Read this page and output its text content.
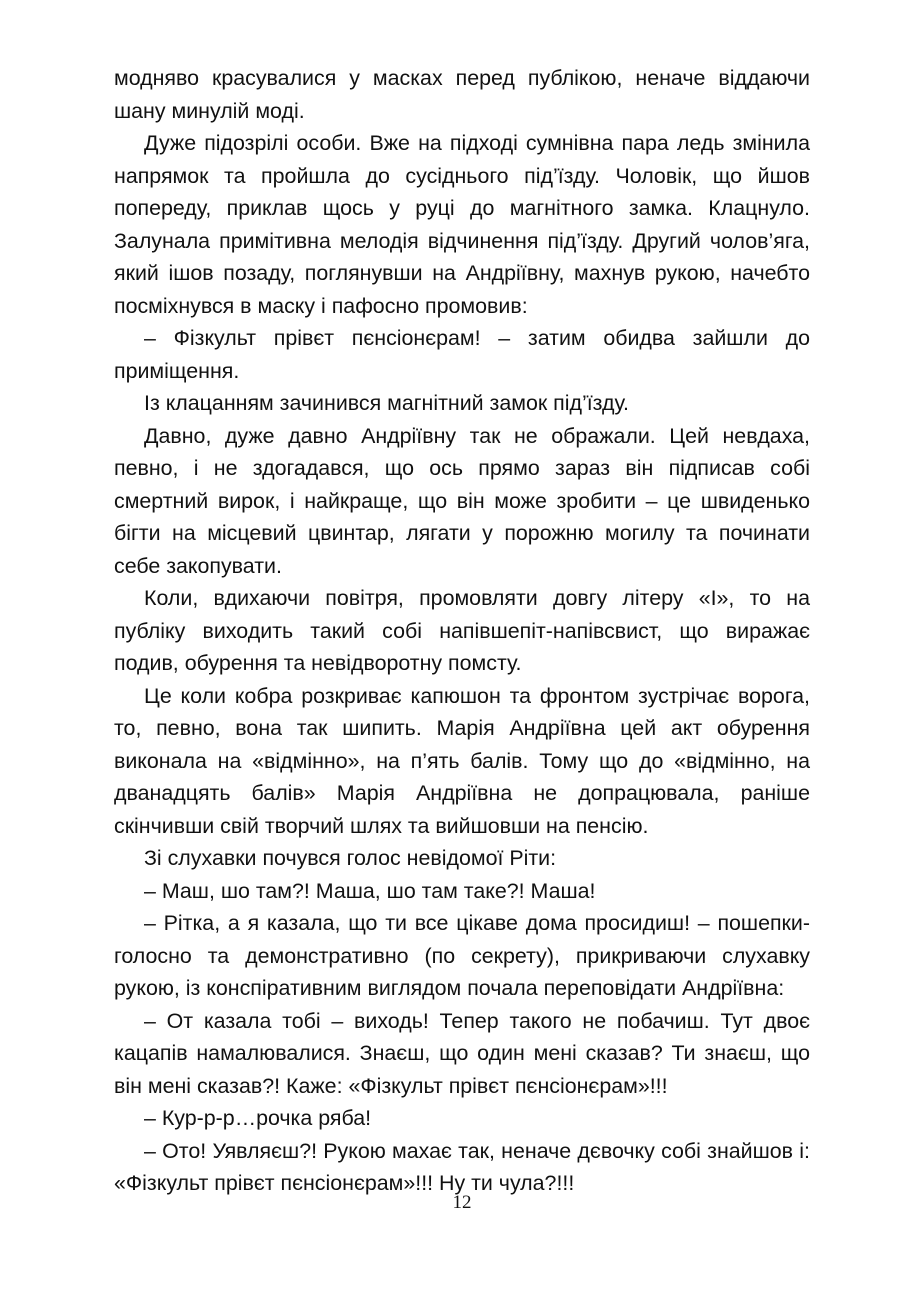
модняво красувалися у масках перед публікою, неначе віддаючи шану минулій моді.

Дуже підозрілі особи. Вже на підході сумнівна пара ледь змінила напрямок та пройшла до сусіднього під’їзду. Чоловік, що йшов попереду, приклав щось у руці до магнітного замка. Клацнуло. Залунала примітивна мелодія відчинення під’їзду. Другий чолов’яга, який ішов позаду, поглянувши на Андріївну, махнув рукою, начебто посміхнувся в маску і пафосно промовив:

– Фізкульт прівєт пєнсіонєрам! – затим обидва зайшли до приміщення.

Із клацанням зачинився магнітний замок під’їзду.

Давно, дуже давно Андріївну так не ображали. Цей невдаха, певно, і не здогадався, що ось прямо зараз він підписав собі смертний вирок, і найкраще, що він може зробити – це швиденько бігти на місцевий цвинтар, лягати у порожню могилу та починати себе закопувати.

Коли, вдихаючи повітря, промовляти довгу літеру «І», то на публіку виходить такий собі напівшепіт-напівсвист, що виражає подив, обурення та невідворотну помсту.

Це коли кобра розкриває капюшон та фронтом зустрічає ворога, то, певно, вона так шипить. Марія Андріївна цей акт обурення виконала на «відмінно», на п’ять балів. Тому що до «відмінно, на дванадцять балів» Марія Андріївна не допрацювала, раніше скінчивши свій творчий шлях та вийшовши на пенсію.

Зі слухавки почувся голос невідомої Ріти:

– Маш, шо там?! Маша, шо там таке?! Маша!

– Рітка, а я казала, що ти все цікаве дома просидиш! – пошепки-голосно та демонстративно (по секрету), прикриваючи слухавку рукою, із конспіративним виглядом почала переповідати Андріївна:

– От казала тобі – виходь! Тепер такого не побачиш. Тут двоє кацапів намалювалися. Знаєш, що один мені сказав? Ти знаєш, що він мені сказав?! Каже: «Фізкульт прівєт пєнсіонєрам»!!!

– Кур-р-р…рочка ряба!

– Ото! Уявляєш?! Рукою махає так, неначе дєвочку собі знайшов і: «Фізкульт прівєт пєнсіонєрам»!!! Ну ти чула?!!!

12
